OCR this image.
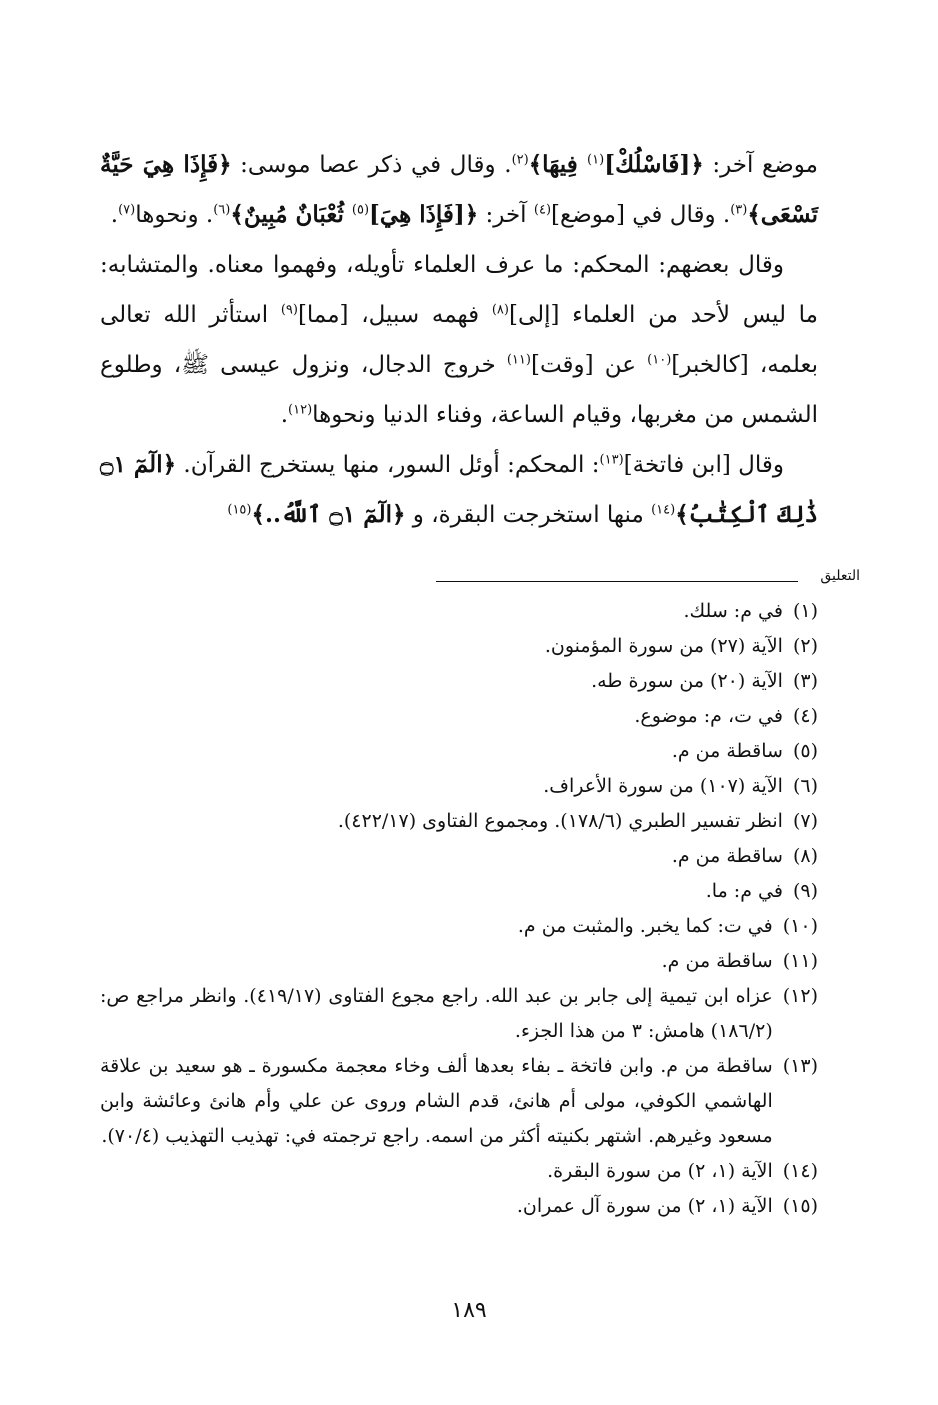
موضع آخر: ﴿[فَاسْلُكْ]$^{(١)}$ فِيهَا﴾$^{(٢)}$. وقال في ذكر عصا موسى: ﴿فَإِذَا هِيَ حَيَّةٌ تَسْعَى﴾$^{(٣)}$. وقال في [موضع]$^{(٤)}$ آخر: ﴿[فَإِذَا هِيَ]$^{(٥)}$ ثُعْبَانٌ مُبِينٌ﴾$^{(٦)}$. ونحوها$^{(٧)}$.

وقال بعضهم: المحكم: ما عرف العلماء تأويله، وفهموا معناه. والمتشابه: ما ليس لأحد من العلماء [إلى]$^{(٨)}$ فهمه سبيل، [مما]$^{(٩)}$ استأثر الله تعالى بعلمه، [كالخبر]$^{(١٠)}$ عن [وقت]$^{(١١)}$ خروج الدجال، ونزول عيسى ﷺ، وطلوع الشمس من مغربها، وقيام الساعة، وفناء الدنيا ونحوها$^{(١٢)}$.

وقال [ابن فاتخة]$^{(١٣)}$: المحكم: أوئل السور، منها يستخرج القرآن. ﴿الٓمٓ ۝١ ذَٰلِكَ ٱلْكِتَٰبُ﴾$^{(١٤)}$ منها استخرجت البقرة، و ﴿الٓمٓ ۝١ ٱللَّهُ..﴾$^{(١٥)}$

التعليق
(١)
في م: سلك.
(٢)
الآية (٢٧) من سورة المؤمنون.
(٣)
الآية (٢٠) من سورة طه.
(٤)
في ت، م: موضوع.
(٥)
ساقطة من م.
(٦)
الآية (١٠٧) من سورة الأعراف.
(٧)
انظر تفسير الطبري (١٧٨/٦). ومجموع الفتاوى (٤٢٢/١٧).
(٨)
ساقطة من م.
(٩)
في م: ما.
(١٠)
في ت: كما يخبر. والمثبت من م.
(١١)
ساقطة من م.
(١٢)
عزاه ابن تيمية إلى جابر بن عبد الله. راجع مجوع الفتاوى (٤١٩/١٧). وانظر مراجع ص: (١٨٦/٢) هامش: ٣ من هذا الجزء.
(١٣)
ساقطة من م. وابن فاتخة ـ بفاء بعدها ألف وخاء معجمة مكسورة ـ هو سعيد بن علاقة الهاشمي الكوفي، مولى أم هانئ، قدم الشام وروى عن علي وأم هانئ وعائشة وابن مسعود وغيرهم. اشتهر بكنيته أكثر من اسمه. راجع ترجمته في: تهذيب التهذيب (٧٠/٤).
(١٤)
الآية (١، ٢) من سورة البقرة.
(١٥)
الآية (١، ٢) من سورة آل عمران.
١٨٩
